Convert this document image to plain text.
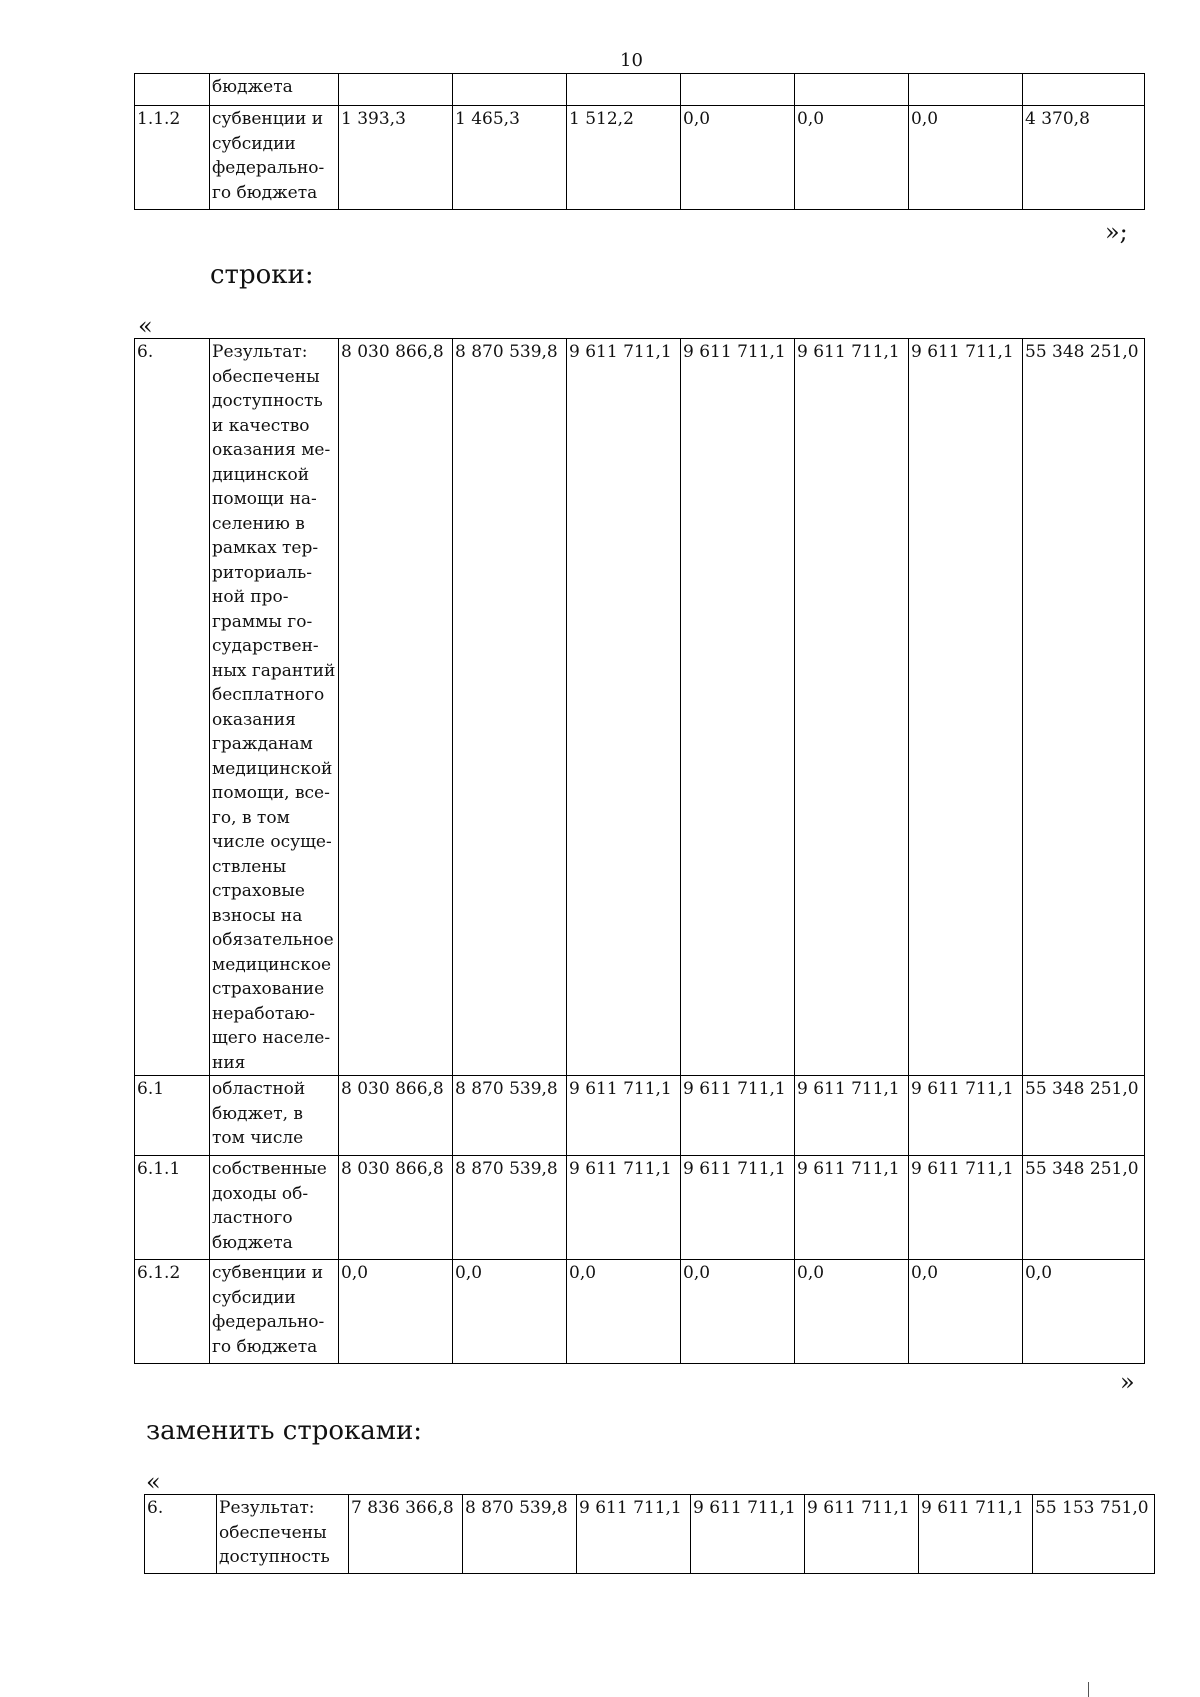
10
	бюджета							
1.1.2	субвенции и субсидии федерально-го бюджета	1 393,3	1 465,3	1 512,2	0,0	0,0	0,0	4 370,8
»;
строки:
«
6.	Результат: обеспечены доступность и качество оказания ме-дицинской помощи на-селению в рамках тер-риториаль-ной про-граммы го-сударствен-ных гарантий бесплатного оказания гражданам медицинской помощи, все-го, в том числе осуще-ствлены страховые взносы на обязательное медицинское страхование неработаю-щего населе-ния	8 030 866,8	8 870 539,8	9 611 711,1	9 611 711,1	9 611 711,1	9 611 711,1	55 348 251,0
6.1	областной бюджет, в том числе	8 030 866,8	8 870 539,8	9 611 711,1	9 611 711,1	9 611 711,1	9 611 711,1	55 348 251,0
6.1.1	собственные доходы об-ластного бюджета	8 030 866,8	8 870 539,8	9 611 711,1	9 611 711,1	9 611 711,1	9 611 711,1	55 348 251,0
6.1.2	субвенции и субсидии федерально-го бюджета	0,0	0,0	0,0	0,0	0,0	0,0	0,0
»
заменить строками:
«
6.	Результат: обеспечены доступность	7 836 366,8	8 870 539,8	9 611 711,1	9 611 711,1	9 611 711,1	9 611 711,1	55 153 751,0
